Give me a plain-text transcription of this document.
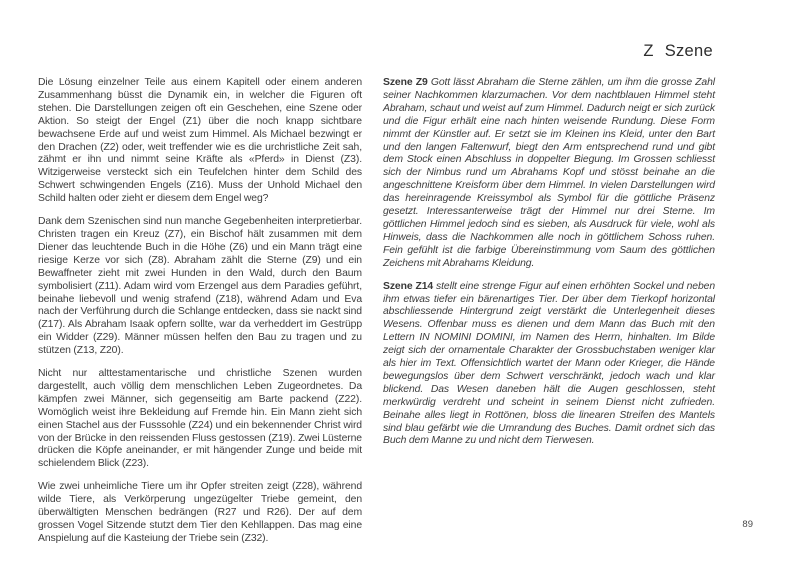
Z Szene

Die Lösung einzelner Teile aus einem Kapitell oder einem anderen Zusammenhang büsst die Dynamik ein, in welcher die Figuren oft stehen. Die Darstellungen zeigen oft ein Geschehen, eine Szene oder Aktion. So steigt der Engel (Z1) über die noch knapp sichtbare bewachsene Erde auf und weist zum Himmel. Als Michael bezwingt er den Drachen (Z2) oder, weit treffender wie es die urchristliche Zeit sah, zähmt er ihn und nimmt seine Kräfte als «Pferd» in Dienst (Z3). Witzigerweise versteckt sich ein Teufelchen hinter dem Schild des Schwert schwingenden Engels (Z16). Muss der Unhold Michael den Schild halten oder zieht er diesem dem Engel weg?

Dank dem Szenischen sind nun manche Gegebenheiten interpretierbar. Christen tragen ein Kreuz (Z7), ein Bischof hält zusammen mit dem Diener das leuchtende Buch in die Höhe (Z6) und ein Mann trägt eine riesige Kerze vor sich (Z8). Abraham zählt die Sterne (Z9) und ein Bewaffneter zieht mit zwei Hunden in den Wald, durch den Baum symbolisiert (Z11). Adam wird vom Erzengel aus dem Paradies geführt, beinahe liebevoll und wenig strafend (Z18), während Adam und Eva nach der Verführung durch die Schlange entdecken, dass sie nackt sind (Z17). Als Abraham Isaak opfern sollte, war da verheddert im Gestrüpp ein Widder (Z29). Männer müssen helfen den Bau zu tragen und zu stützen (Z13, Z20).

Nicht nur alttestamentarische und christliche Szenen wurden dargestellt, auch völlig dem menschlichen Leben Zugeordnetes. Da kämpfen zwei Männer, sich gegenseitig am Barte packend (Z22). Womöglich weist ihre Bekleidung auf Fremde hin. Ein Mann zieht sich einen Stachel aus der Fusssohle (Z24) und ein bekennender Christ wird von der Brücke in den reissenden Fluss gestossen (Z19). Zwei Lüsterne drücken die Köpfe aneinander, er mit hängender Zunge und beide mit schielendem Blick (Z23).

Wie zwei unheimliche Tiere um ihr Opfer streiten zeigt (Z28), während wilde Tiere, als Verkörperung ungezügelter Triebe gemeint, den überwältigten Menschen bedrängen (R27 und R26). Der auf dem grossen Vogel Sitzende stutzt dem Tier den Kehllappen. Das mag eine Anspielung auf die Kasteiung der Triebe sein (Z32).

Szene Z9 Gott lässt Abraham die Sterne zählen, um ihm die grosse Zahl seiner Nachkommen klarzumachen. Vor dem nachtblauen Himmel steht Abraham, schaut und weist auf zum Himmel. Dadurch neigt er sich zurück und die Figur erhält eine nach hinten weisende Rundung. Diese Form nimmt der Künstler auf. Er setzt sie im Kleinen ins Kleid, unter den Bart und den langen Faltenwurf, biegt den Arm entsprechend rund und gibt dem Stock einen Abschluss in doppelter Biegung. Im Grossen schliesst sich der Nimbus rund um Abrahams Kopf und stösst beinahe an die angeschnittene Kreisform über dem Himmel. In vielen Darstellungen wird das hereinragende Kreissymbol als Symbol für die göttliche Präsenz gesetzt. Interessanterweise trägt der Himmel nur drei Sterne. Im göttlichen Himmel jedoch sind es sieben, als Ausdruck für viele, wohl als Hinweis, dass die Nachkommen alle noch in göttlichem Schoss ruhen. Fein gefühlt ist die farbige Übereinstimmung vom Saum des göttlichen Zeichens mit Abrahams Kleidung.

Szene Z14 stellt eine strenge Figur auf einen erhöhten Sockel und neben ihm etwas tiefer ein bärenartiges Tier. Der über dem Tierkopf horizontal abschliessende Hintergrund zeigt verstärkt die Unterlegenheit dieses Wesens. Offenbar muss es dienen und dem Mann das Buch mit den Lettern IN NOMINI DOMINI, im Namen des Herrn, hinhalten. Im Bilde zeigt sich der ornamentale Charakter der Grossbuchstaben weniger klar als hier im Text. Offensichtlich wartet der Mann oder Krieger, die Hände bewegungslos über dem Schwert verschränkt, jedoch wach und klar blickend. Das Wesen daneben hält die Augen geschlossen, steht merkwürdig verdreht und scheint in seinem Dienst nicht zufrieden. Beinahe alles liegt in Rottönen, bloss die linearen Streifen des Mantels sind blau gefärbt wie die Umrandung des Buches. Damit ordnet sich das Buch dem Manne zu und nicht dem Tierwesen.

89
